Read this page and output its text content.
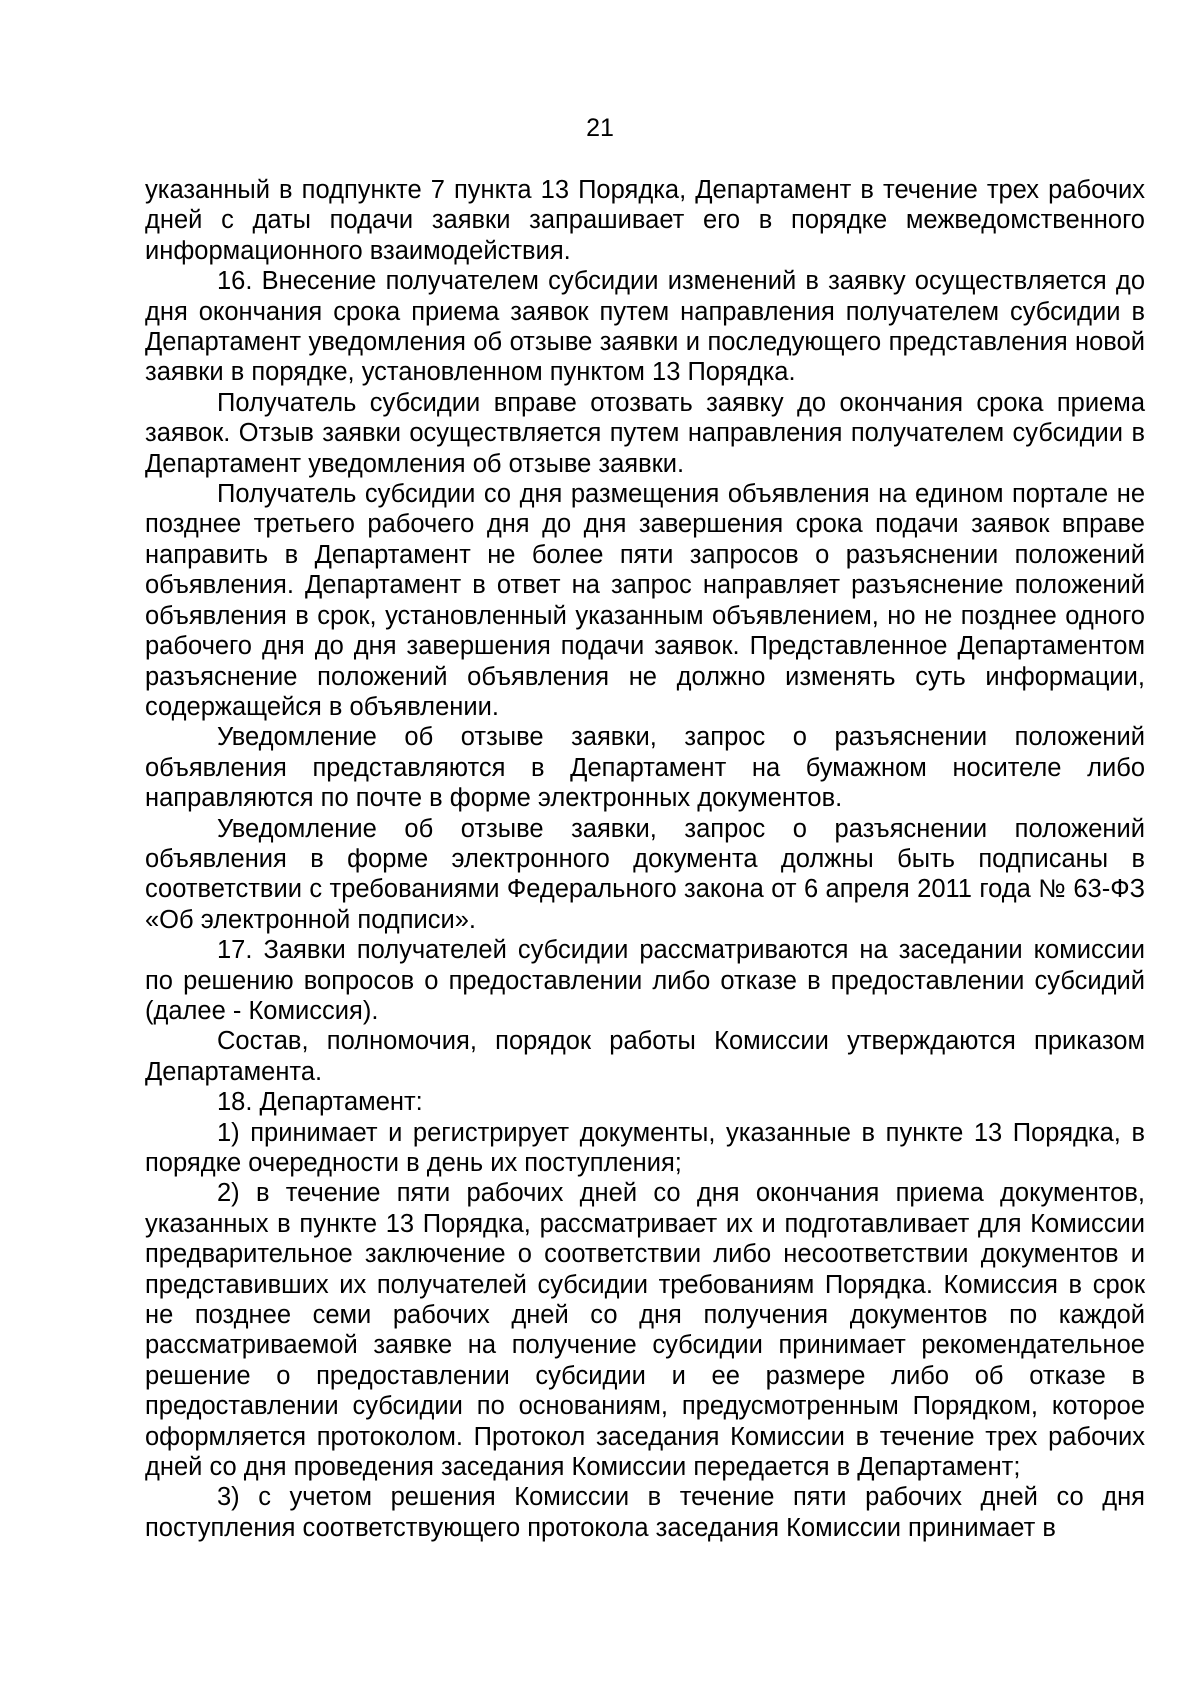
21

указанный в подпункте 7 пункта 13 Порядка, Департамент в течение трех рабочих дней с даты подачи заявки запрашивает его в порядке межведомственного информационного взаимодействия.

16. Внесение получателем субсидии изменений в заявку осуществляется до дня окончания срока приема заявок путем направления получателем субсидии в Департамент уведомления об отзыве заявки и последующего представления новой заявки в порядке, установленном пунктом 13 Порядка.

Получатель субсидии вправе отозвать заявку до окончания срока приема заявок. Отзыв заявки осуществляется путем направления получателем субсидии в Департамент уведомления об отзыве заявки.

Получатель субсидии со дня размещения объявления на едином портале не позднее третьего рабочего дня до дня завершения срока подачи заявок вправе направить в Департамент не более пяти запросов о разъяснении положений объявления. Департамент в ответ на запрос направляет разъяснение положений объявления в срок, установленный указанным объявлением, но не позднее одного рабочего дня до дня завершения подачи заявок. Представленное Департаментом разъяснение положений объявления не должно изменять суть информации, содержащейся в объявлении.

Уведомление об отзыве заявки, запрос о разъяснении положений объявления представляются в Департамент на бумажном носителе либо направляются по почте в форме электронных документов.

Уведомление об отзыве заявки, запрос о разъяснении положений объявления в форме электронного документа должны быть подписаны в соответствии с требованиями Федерального закона от 6 апреля 2011 года № 63-ФЗ «Об электронной подписи».

17. Заявки получателей субсидии рассматриваются на заседании комиссии по решению вопросов о предоставлении либо отказе в предоставлении субсидий (далее - Комиссия).

Состав, полномочия, порядок работы Комиссии утверждаются приказом Департамента.

18. Департамент:

1) принимает и регистрирует документы, указанные в пункте 13 Порядка, в порядке очередности в день их поступления;

2) в течение пяти рабочих дней со дня окончания приема документов, указанных в пункте 13 Порядка, рассматривает их и подготавливает для Комиссии предварительное заключение о соответствии либо несоответствии документов и представивших их получателей субсидии требованиям Порядка. Комиссия в срок не позднее семи рабочих дней со дня получения документов по каждой рассматриваемой заявке на получение субсидии принимает рекомендательное решение о предоставлении субсидии и ее размере либо об отказе в предоставлении субсидии по основаниям, предусмотренным Порядком, которое оформляется протоколом. Протокол заседания Комиссии в течение трех рабочих дней со дня проведения заседания Комиссии передается в Департамент;

3) с учетом решения Комиссии в течение пяти рабочих дней со дня поступления соответствующего протокола заседания Комиссии принимает в
